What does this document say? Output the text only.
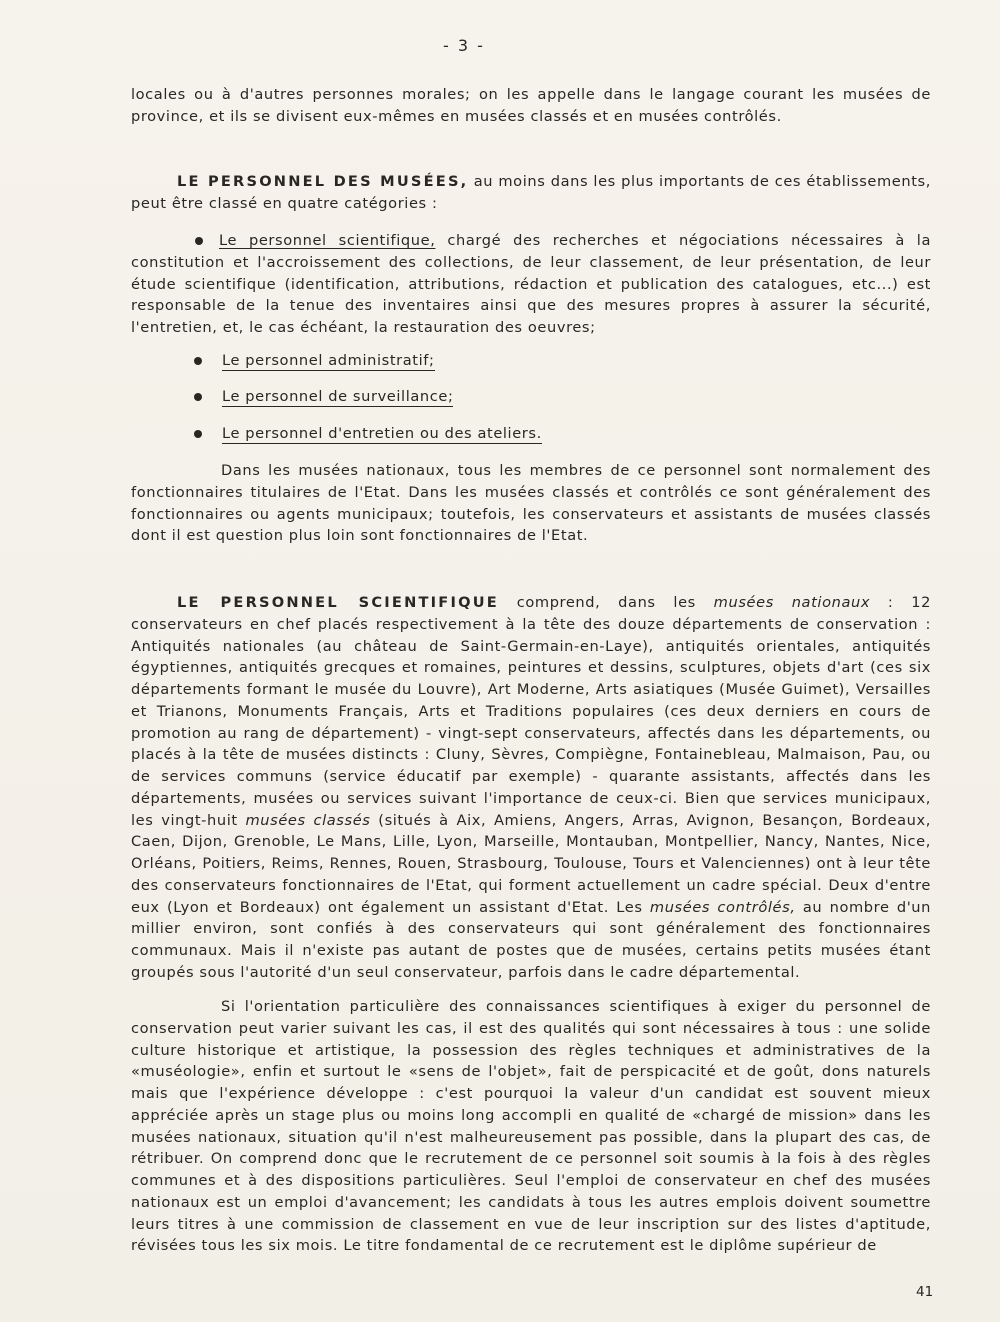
- 3 -
locales ou à d'autres personnes morales; on les appelle dans le langage courant les musées de province, et ils se divisent eux-mêmes en musées classés et en musées contrôlés.
LE PERSONNEL DES MUSÉES, au moins dans les plus importants de ces établissements, peut être classé en quatre catégories :
Le personnel scientifique, chargé des recherches et négociations nécessaires à la constitution et l'accroissement des collections, de leur classement, de leur présentation, de leur étude scientifique (identification, attributions, rédaction et publication des catalogues, etc...) est responsable de la tenue des inventaires ainsi que des mesures propres à assurer la sécurité, l'entretien, et, le cas échéant, la restauration des oeuvres;
Le personnel administratif;
Le personnel de surveillance;
Le personnel d'entretien ou des ateliers.
Dans les musées nationaux, tous les membres de ce personnel sont normalement des fonctionnaires titulaires de l'Etat. Dans les musées classés et contrôlés ce sont généralement des fonctionnaires ou agents municipaux; toutefois, les conservateurs et assistants de musées classés dont il est question plus loin sont fonctionnaires de l'Etat.
LE PERSONNEL SCIENTIFIQUE comprend, dans les musées nationaux : 12 conservateurs en chef placés respectivement à la tête des douze départements de conservation : Antiquités nationales (au château de Saint-Germain-en-Laye), antiquités orientales, antiquités égyptiennes, antiquités grecques et romaines, peintures et dessins, sculptures, objets d'art (ces six départements formant le musée du Louvre), Art Moderne, Arts asiatiques (Musée Guimet), Versailles et Trianons, Monuments Français, Arts et Traditions populaires (ces deux derniers en cours de promotion au rang de département) - vingt-sept conservateurs, affectés dans les départements, ou placés à la tête de musées distincts : Cluny, Sèvres, Compiègne, Fontainebleau, Malmaison, Pau, ou de services communs (service éducatif par exemple) - quarante assistants, affectés dans les départements, musées ou services suivant l'importance de ceux-ci. Bien que services municipaux, les vingt-huit musées classés (situés à Aix, Amiens, Angers, Arras, Avignon, Besançon, Bordeaux, Caen, Dijon, Grenoble, Le Mans, Lille, Lyon, Marseille, Montauban, Montpellier, Nancy, Nantes, Nice, Orléans, Poitiers, Reims, Rennes, Rouen, Strasbourg, Toulouse, Tours et Valenciennes) ont à leur tête des conservateurs fonctionnaires de l'Etat, qui forment actuellement un cadre spécial. Deux d'entre eux (Lyon et Bordeaux) ont également un assistant d'Etat. Les musées contrôlés, au nombre d'un millier environ, sont confiés à des conservateurs qui sont généralement des fonctionnaires communaux. Mais il n'existe pas autant de postes que de musées, certains petits musées étant groupés sous l'autorité d'un seul conservateur, parfois dans le cadre départemental.
Si l'orientation particulière des connaissances scientifiques à exiger du personnel de conservation peut varier suivant les cas, il est des qualités qui sont nécessaires à tous : une solide culture historique et artistique, la possession des règles techniques et administratives de la «muséologie», enfin et surtout le «sens de l'objet», fait de perspicacité et de goût, dons naturels mais que l'expérience développe : c'est pourquoi la valeur d'un candidat est souvent mieux appréciée après un stage plus ou moins long accompli en qualité de «chargé de mission» dans les musées nationaux, situation qu'il n'est malheureusement pas possible, dans la plupart des cas, de rétribuer. On comprend donc que le recrutement de ce personnel soit soumis à la fois à des règles communes et à des dispositions particulières. Seul l'emploi de conservateur en chef des musées nationaux est un emploi d'avancement; les candidats à tous les autres emplois doivent soumettre leurs titres à une commission de classement en vue de leur inscription sur des listes d'aptitude, révisées tous les six mois. Le titre fondamental de ce recrutement est le diplôme supérieur de
41
